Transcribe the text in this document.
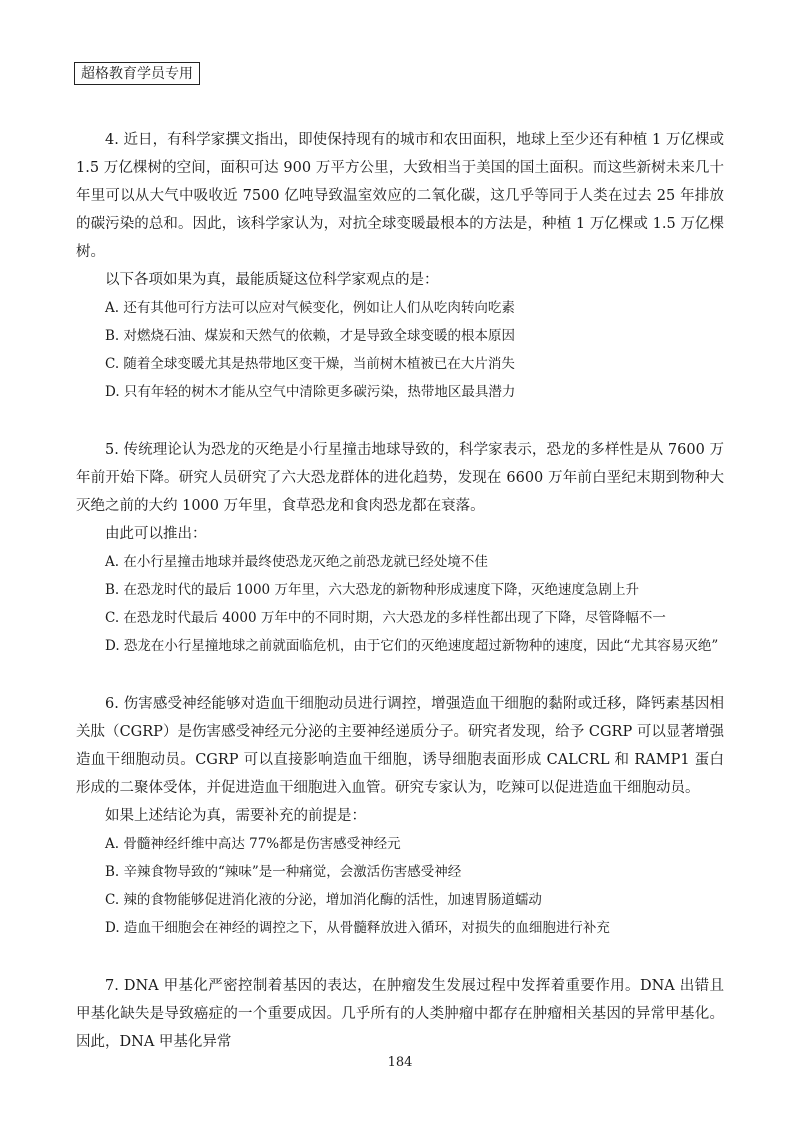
超格教育学员专用

4. 近日，有科学家撰文指出，即使保持现有的城市和农田面积，地球上至少还有种植 1 万亿棵或 1.5 万亿棵树的空间，面积可达 900 万平方公里，大致相当于美国的国土面积。而这些新树未来几十年里可以从大气中吸收近 7500 亿吨导致温室效应的二氧化碳，这几乎等同于人类在过去 25 年排放的碳污染的总和。因此，该科学家认为，对抗全球变暖最根本的方法是，种植 1 万亿棵或 1.5 万亿棵树。

以下各项如果为真，最能质疑这位科学家观点的是：

A. 还有其他可行方法可以应对气候变化，例如让人们从吃肉转向吃素

B. 对燃烧石油、煤炭和天然气的依赖，才是导致全球变暖的根本原因

C. 随着全球变暖尤其是热带地区变干燥，当前树木植被已在大片消失

D. 只有年轻的树木才能从空气中清除更多碳污染，热带地区最具潜力

5. 传统理论认为恐龙的灭绝是小行星撞击地球导致的，科学家表示，恐龙的多样性是从 7600 万年前开始下降。研究人员研究了六大恐龙群体的进化趋势，发现在 6600 万年前白垩纪末期到物种大灭绝之前的大约 1000 万年里，食草恐龙和食肉恐龙都在衰落。

由此可以推出：

A. 在小行星撞击地球并最终使恐龙灭绝之前恐龙就已经处境不佳

B. 在恐龙时代的最后 1000 万年里，六大恐龙的新物种形成速度下降，灭绝速度急剧上升

C. 在恐龙时代最后 4000 万年中的不同时期，六大恐龙的多样性都出现了下降，尽管降幅不一

D. 恐龙在小行星撞地球之前就面临危机，由于它们的灭绝速度超过新物种的速度，因此“尤其容易灭绝”

6. 伤害感受神经能够对造血干细胞动员进行调控，增强造血干细胞的黏附或迁移，降钙素基因相关肽（CGRP）是伤害感受神经元分泌的主要神经递质分子。研究者发现，给予 CGRP 可以显著增强造血干细胞动员。CGRP 可以直接影响造血干细胞，诱导细胞表面形成 CALCRL 和 RAMP1 蛋白形成的二聚体受体，并促进造血干细胞进入血管。研究专家认为，吃辣可以促进造血干细胞动员。

如果上述结论为真，需要补充的前提是：

A. 骨髓神经纤维中高达 77%都是伤害感受神经元

B. 辛辣食物导致的“辣味”是一种痛觉，会激活伤害感受神经

C. 辣的食物能够促进消化液的分泌，增加消化酶的活性，加速胃肠道蠕动

D. 造血干细胞会在神经的调控之下，从骨髓释放进入循环，对损失的血细胞进行补充

7. DNA 甲基化严密控制着基因的表达，在肿瘤发生发展过程中发挥着重要作用。DNA 出错且甲基化缺失是导致癌症的一个重要成因。几乎所有的人类肿瘤中都存在肿瘤相关基因的异常甲基化。因此，DNA 甲基化异常

184
